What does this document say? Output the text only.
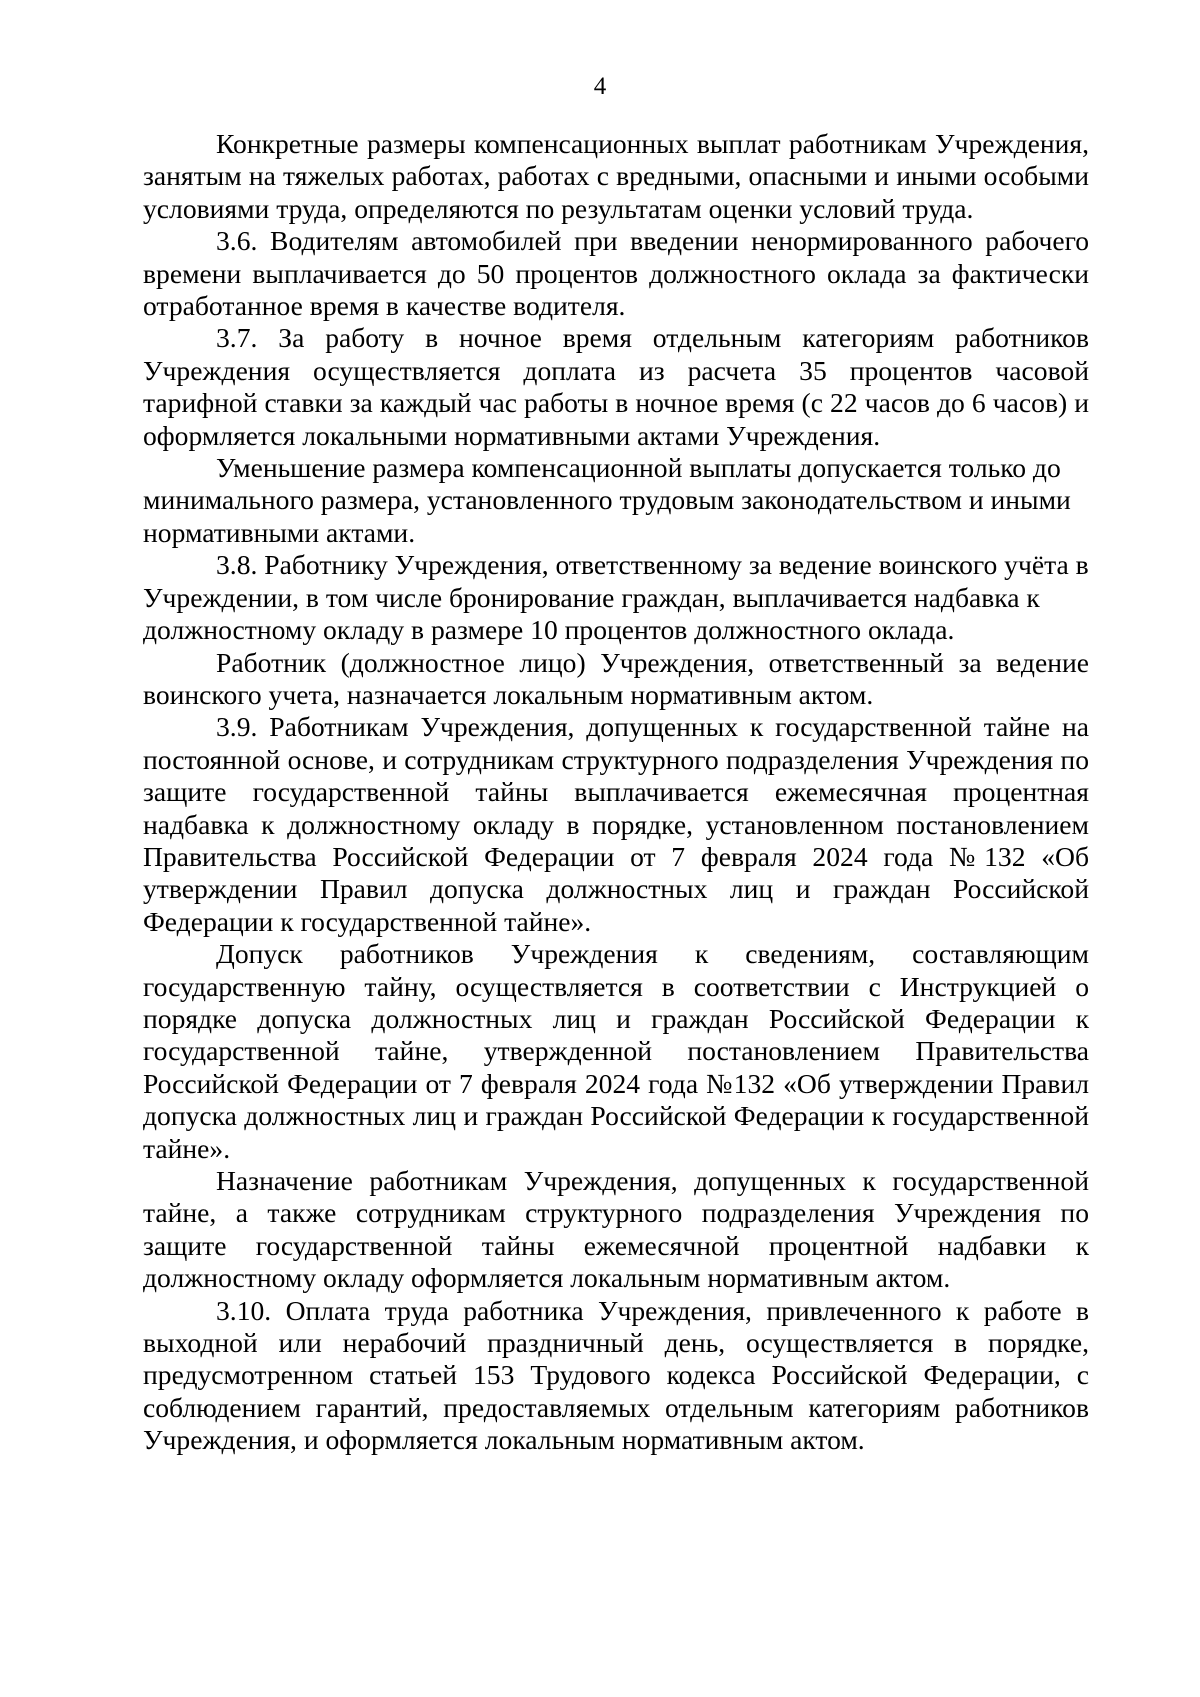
4

Конкретные размеры компенсационных выплат работникам Учреждения, занятым на тяжелых работах, работах с вредными, опасными и иными особыми условиями труда, определяются по результатам оценки условий труда.

3.6. Водителям автомобилей при введении ненормированного рабочего времени выплачивается до 50 процентов должностного оклада за фактически отработанное время в качестве водителя.

3.7. За работу в ночное время отдельным категориям работников Учреждения осуществляется доплата из расчета 35 процентов часовой тарифной ставки за каждый час работы в ночное время (с 22 часов до 6 часов) и оформляется локальными нормативными актами Учреждения.

Уменьшение размера компенсационной выплаты допускается только до минимального размера, установленного трудовым законодательством и иными нормативными актами.

3.8. Работнику Учреждения, ответственному за ведение воинского учёта в Учреждении, в том числе бронирование граждан, выплачивается надбавка к должностному окладу в размере 10 процентов должностного оклада.

Работник (должностное лицо) Учреждения, ответственный за ведение воинского учета, назначается локальным нормативным актом.

3.9. Работникам Учреждения, допущенных к государственной тайне на постоянной основе, и сотрудникам структурного подразделения Учреждения по защите государственной тайны выплачивается ежемесячная процентная надбавка к должностному окладу в порядке, установленном постановлением Правительства Российской Федерации от 7 февраля 2024 года №132 «Об утверждении Правил допуска должностных лиц и граждан Российской Федерации к государственной тайне».

Допуск работников Учреждения к сведениям, составляющим государственную тайну, осуществляется в соответствии с Инструкцией о порядке допуска должностных лиц и граждан Российской Федерации к государственной тайне, утвержденной постановлением Правительства Российской Федерации от 7 февраля 2024 года №132 «Об утверждении Правил допуска должностных лиц и граждан Российской Федерации к государственной тайне».

Назначение работникам Учреждения, допущенных к государственной тайне, а также сотрудникам структурного подразделения Учреждения по защите государственной тайны ежемесячной процентной надбавки к должностному окладу оформляется локальным нормативным актом.

3.10. Оплата труда работника Учреждения, привлеченного к работе в выходной или нерабочий праздничный день, осуществляется в порядке, предусмотренном статьей 153 Трудового кодекса Российской Федерации, с соблюдением гарантий, предоставляемых отдельным категориям работников Учреждения, и оформляется локальным нормативным актом.
